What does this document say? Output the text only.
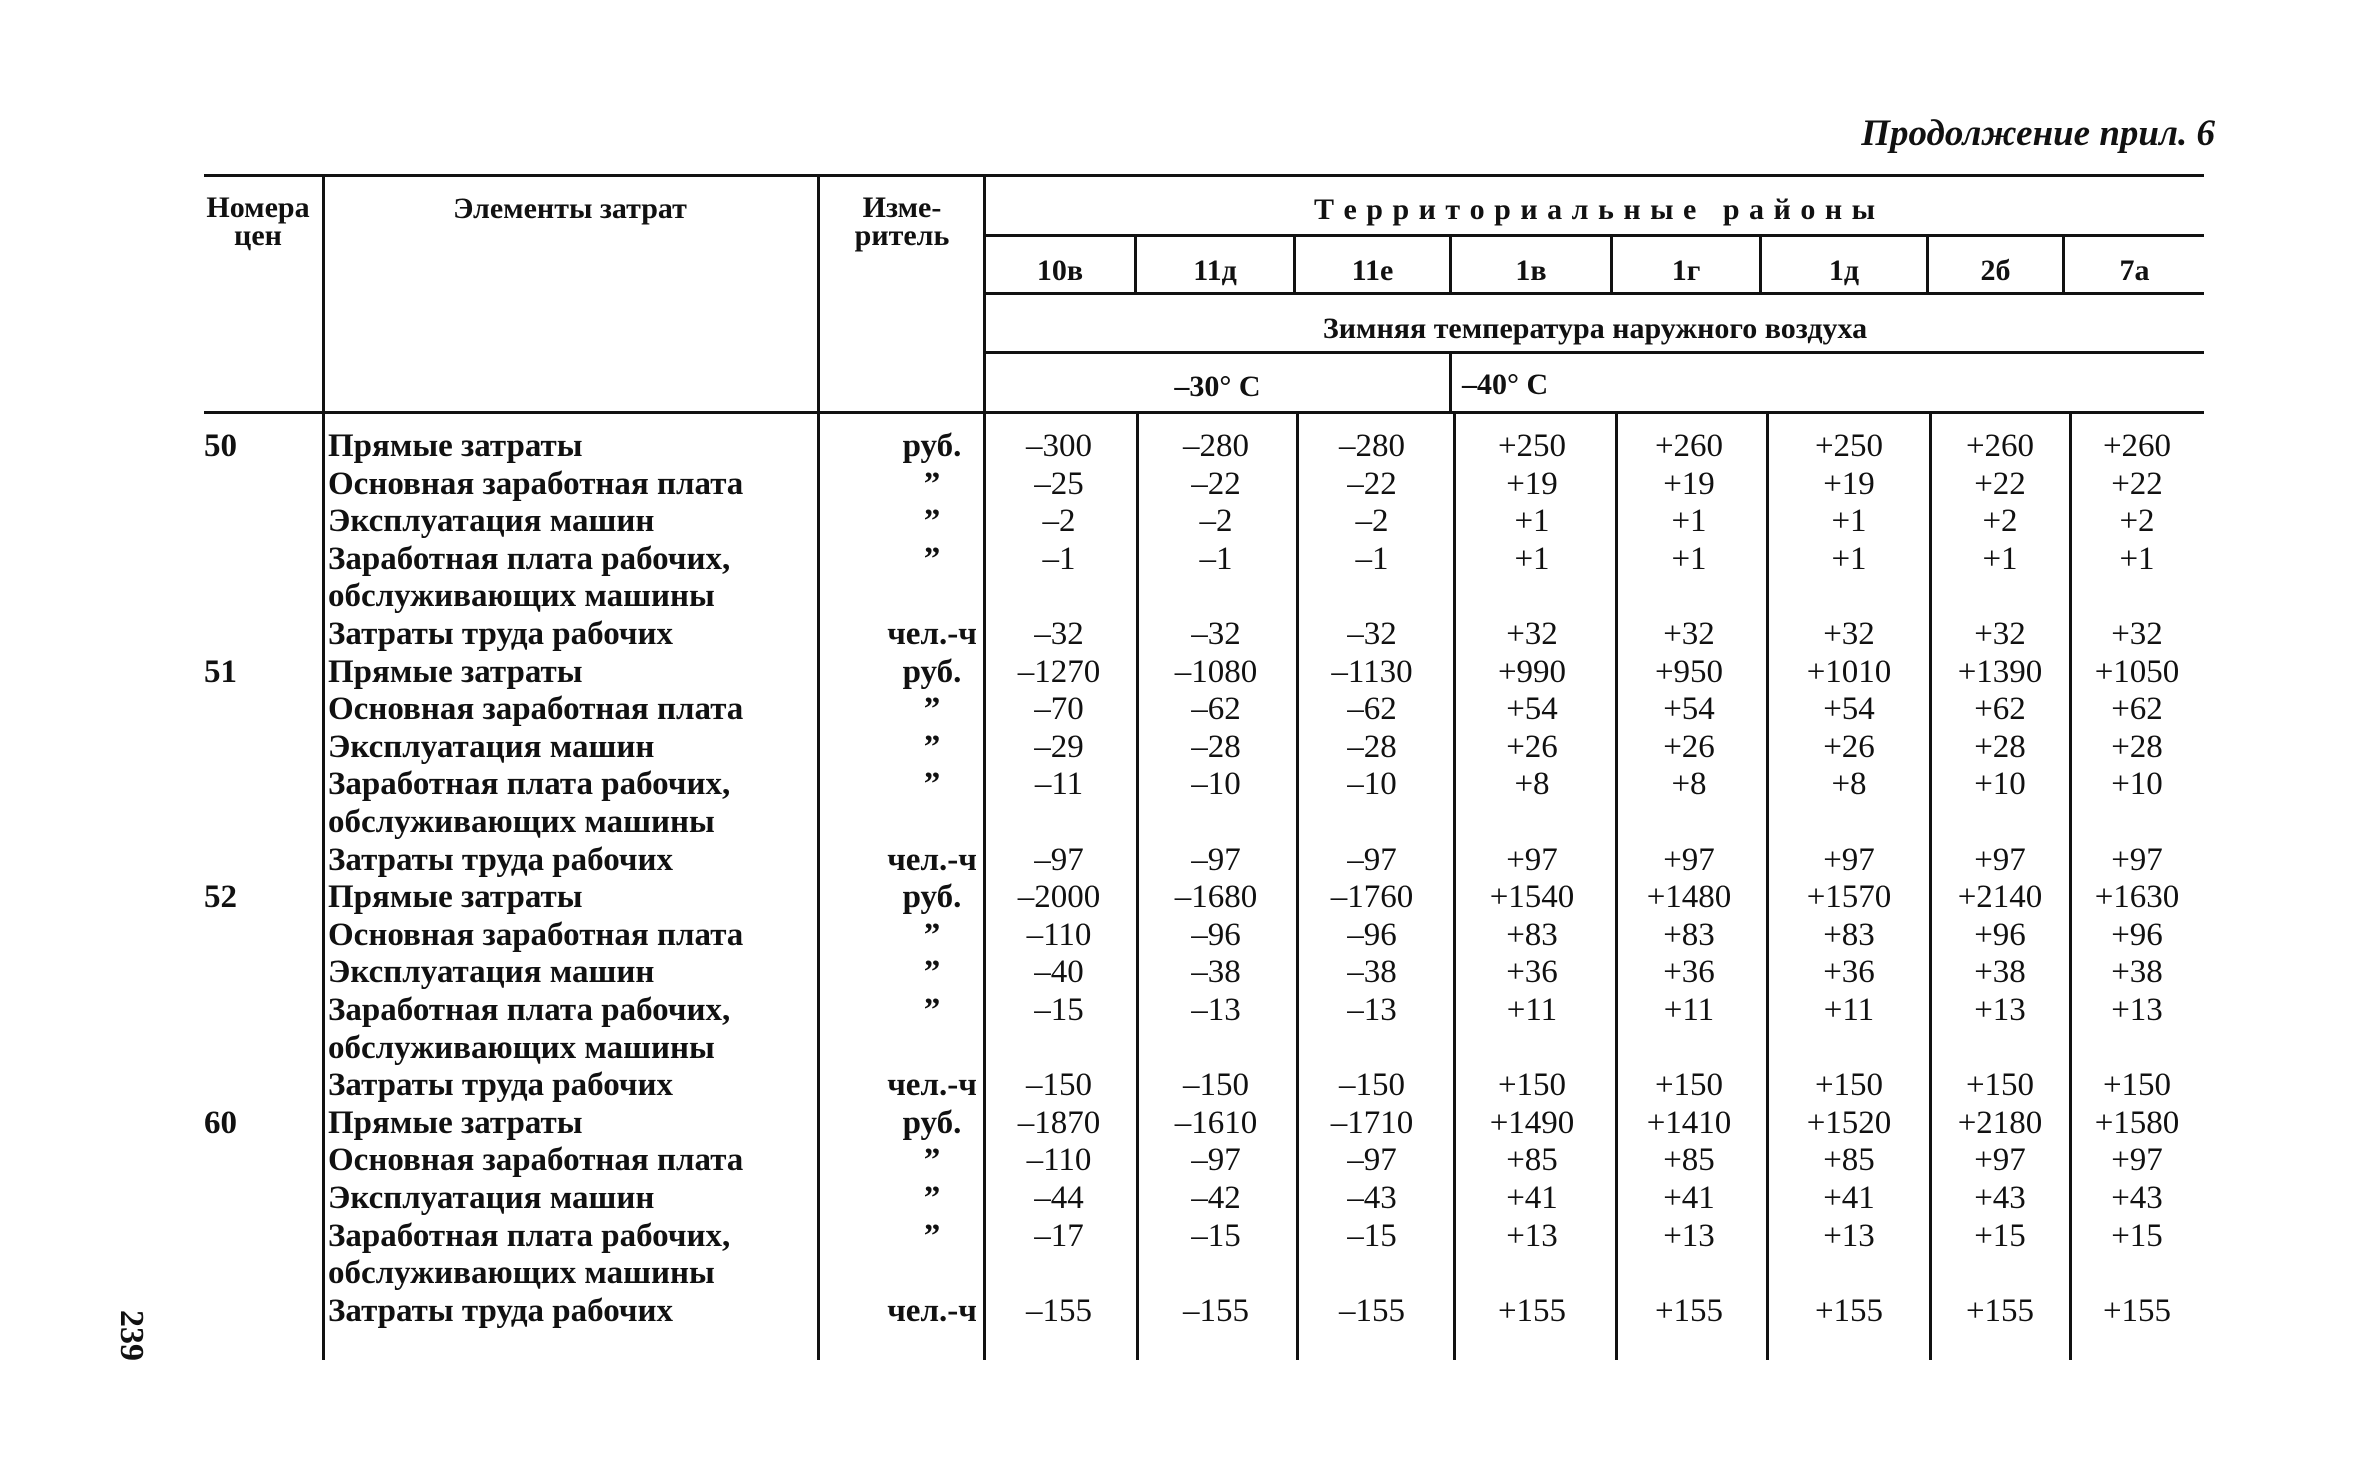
Продолжение прил. 6
Номера цен
Элементы затрат	Изме- ритель
Т е р р и т о р и а л ь н ы е   р а й о н ы
10в	11д	11е	1в	1г	1д	2б	7а
Зимняя температура наружного воздуха
–30° С	–40° С
50	Прямые затраты	руб.	–300	–280	–280	+250	+260	+250	+260	+260
Основная заработная плата	”	–25	–22	–22	+19	+19	+19	+22	+22
Эксплуатация машин	”	–2	–2	–2	+1	+1	+1	+2	+2
Заработная плата рабочих,	”	–1	–1	–1	+1	+1	+1	+1	+1
обслуживающих машины
Затраты труда рабочих	чел.-ч	–32	–32	–32	+32	+32	+32	+32	+32
51	Прямые затраты	руб.	–1270	–1080	–1130	+990	+950	+1010	+1390	+1050
Основная заработная плата	”	–70	–62	–62	+54	+54	+54	+62	+62
Эксплуатация машин	”	–29	–28	–28	+26	+26	+26	+28	+28
Заработная плата рабочих,	”	–11	–10	–10	+8	+8	+8	+10	+10
обслуживающих машины
Затраты труда рабочих	чел.-ч	–97	–97	–97	+97	+97	+97	+97	+97
52	Прямые затраты	руб.	–2000	–1680	–1760	+1540	+1480	+1570	+2140	+1630
Основная заработная плата	”	–110	–96	–96	+83	+83	+83	+96	+96
Эксплуатация машин	”	–40	–38	–38	+36	+36	+36	+38	+38
Заработная плата рабочих,	”	–15	–13	–13	+11	+11	+11	+13	+13
обслуживающих машины
Затраты труда рабочих	чел.-ч	–150	–150	–150	+150	+150	+150	+150	+150
60	Прямые затраты	руб.	–1870	–1610	–1710	+1490	+1410	+1520	+2180	+1580
Основная заработная плата	”	–110	–97	–97	+85	+85	+85	+97	+97
Эксплуатация машин	”	–44	–42	–43	+41	+41	+41	+43	+43
Заработная плата рабочих,	”	–17	–15	–15	+13	+13	+13	+15	+15
обслуживающих машины
Затраты труда рабочих	чел.-ч	–155	–155	–155	+155	+155	+155	+155	+155
239
